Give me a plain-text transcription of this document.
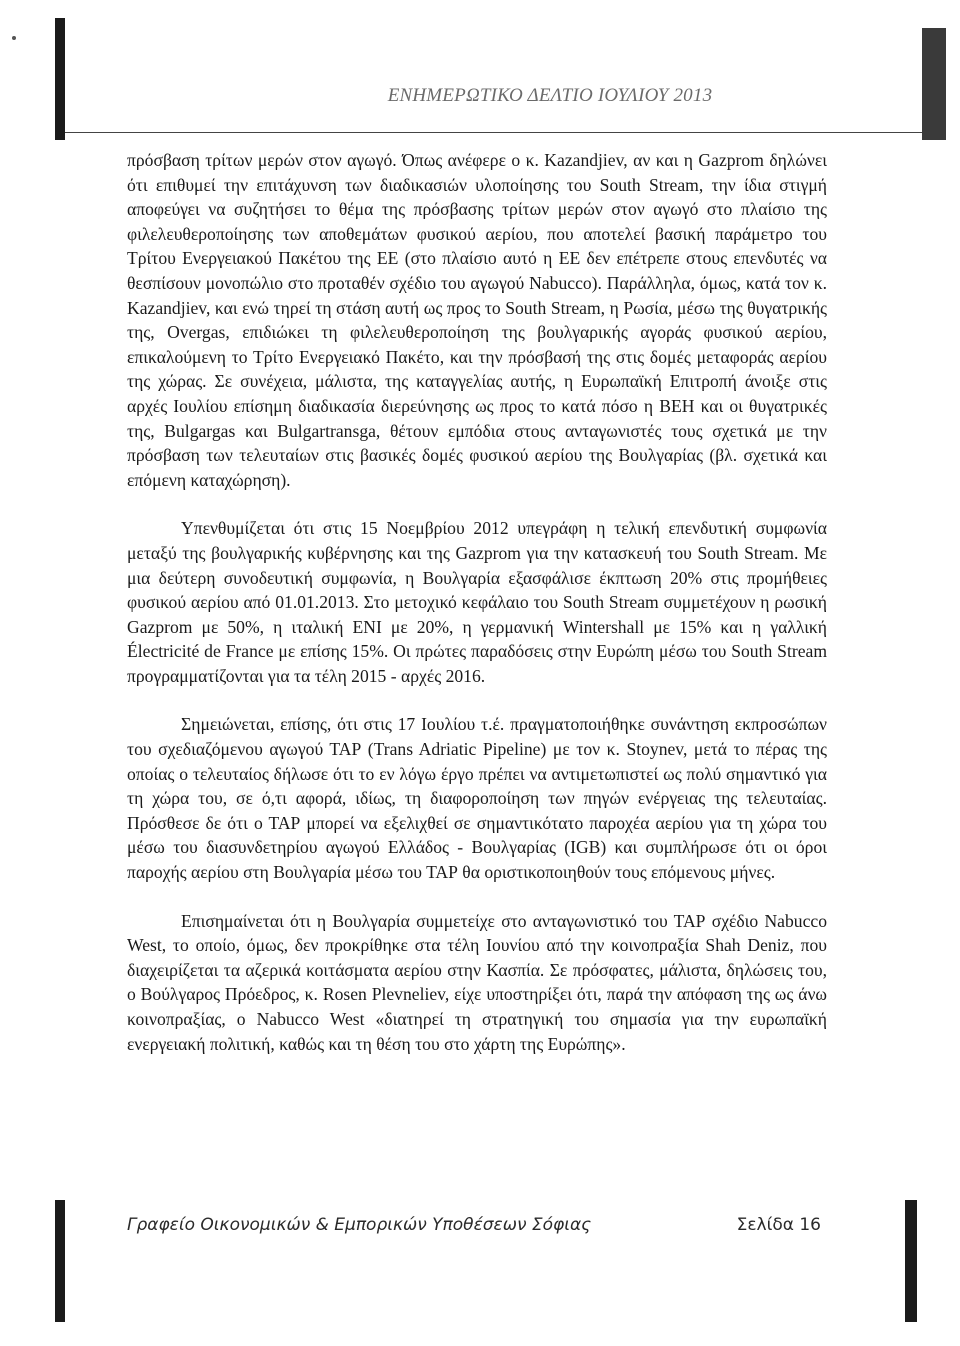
ΕΝΗΜΕΡΩΤΙΚΟ ΔΕΛΤΙΟ ΙΟΥΛΙΟΥ 2013

πρόσβαση τρίτων μερών στον αγωγό. Όπως ανέφερε ο κ. Kazandjiev, αν και η Gazprom δηλώνει ότι επιθυμεί την επιτάχυνση των διαδικασιών υλοποίησης του South Stream, την ίδια στιγμή αποφεύγει να συζητήσει το θέμα της πρόσβασης τρίτων μερών στον αγωγό στο πλαίσιο της φιλελευθεροποίησης των αποθεμάτων φυσικού αερίου, που αποτελεί βασική παράμετρο του Τρίτου Ενεργειακού Πακέτου της ΕΕ (στο πλαίσιο αυτό η ΕΕ δεν επέτρεπε στους επενδυτές να θεσπίσουν μονοπώλιο στο προταθέν σχέδιο του αγωγού Nabucco). Παράλληλα, όμως, κατά τον κ. Kazandjiev, και ενώ τηρεί τη στάση αυτή ως προς το South Stream, η Ρωσία, μέσω της θυγατρικής της, Overgas, επιδιώκει τη φιλελευθεροποίηση της βουλγαρικής αγοράς φυσικού αερίου, επικαλούμενη το Τρίτο Ενεργειακό Πακέτο, και την πρόσβασή της στις δομές μεταφοράς αερίου της χώρας. Σε συνέχεια, μάλιστα, της καταγγελίας αυτής, η Ευρωπαϊκή Επιτροπή άνοιξε στις αρχές Ιουλίου επίσημη διαδικασία διερεύνησης ως προς το κατά πόσο η ΒΕΗ και οι θυγατρικές της, Bulgargas και Bulgartransga, θέτουν εμπόδια στους ανταγωνιστές τους σχετικά με την πρόσβαση των τελευταίων στις βασικές δομές φυσικού αερίου της Βουλγαρίας (βλ. σχετικά και επόμενη καταχώρηση).

Υπενθυμίζεται ότι στις 15 Νοεμβρίου 2012 υπεγράφη η τελική επενδυτική συμφωνία μεταξύ της βουλγαρικής κυβέρνησης και της Gazprom για την κατασκευή του South Stream. Με μια δεύτερη συνοδευτική συμφωνία, η Βουλγαρία εξασφάλισε έκπτωση 20% στις προμήθειες φυσικού αερίου από 01.01.2013. Στο μετοχικό κεφάλαιο του South Stream συμμετέχουν η ρωσική Gazprom με 50%, η ιταλική ΕΝΙ με 20%, η γερμανική Wintershall με 15% και η γαλλική Électricité de France με επίσης 15%. Οι πρώτες παραδόσεις στην Ευρώπη μέσω του South Stream προγραμματίζονται για τα τέλη 2015 - αρχές 2016.

Σημειώνεται, επίσης, ότι στις 17 Ιουλίου τ.έ. πραγματοποιήθηκε συνάντηση εκπροσώπων του σχεδιαζόμενου αγωγού ΤΑΡ (Trans Adriatic Pipeline) με τον κ. Stoynev, μετά το πέρας της οποίας ο τελευταίος δήλωσε ότι το εν λόγω έργο πρέπει να αντιμετωπιστεί ως πολύ σημαντικό για τη χώρα του, σε ό,τι αφορά, ιδίως, τη διαφοροποίηση των πηγών ενέργειας της τελευταίας. Πρόσθεσε δε ότι ο ΤΑΡ μπορεί να εξελιχθεί σε σημαντικότατο παροχέα αερίου για τη χώρα του μέσω του διασυνδετηρίου αγωγού Ελλάδος - Βουλγαρίας (IGB) και συμπλήρωσε ότι οι όροι παροχής αερίου στη Βουλγαρία μέσω του ΤΑΡ θα οριστικοποιηθούν τους επόμενους μήνες.

Επισημαίνεται ότι η Βουλγαρία συμμετείχε στο ανταγωνιστικό του ΤΑΡ σχέδιο Nabucco West, το οποίο, όμως, δεν προκρίθηκε στα τέλη Ιουνίου από την κοινοπραξία Shah Deniz, που διαχειρίζεται τα αζερικά κοιτάσματα αερίου στην Κασπία. Σε πρόσφατες, μάλιστα, δηλώσεις του, ο Βούλγαρος Πρόεδρος, κ. Rosen Plevneliev, είχε υποστηρίξει ότι, παρά την απόφαση της ως άνω κοινοπραξίας, ο Nabucco West «διατηρεί τη στρατηγική του σημασία για την ευρωπαϊκή ενεργειακή πολιτική, καθώς και τη θέση του στο χάρτη της Ευρώπης».

Γραφείο Οικονομικών & Εμπορικών Υποθέσεων Σόφιας	Σελίδα 16
